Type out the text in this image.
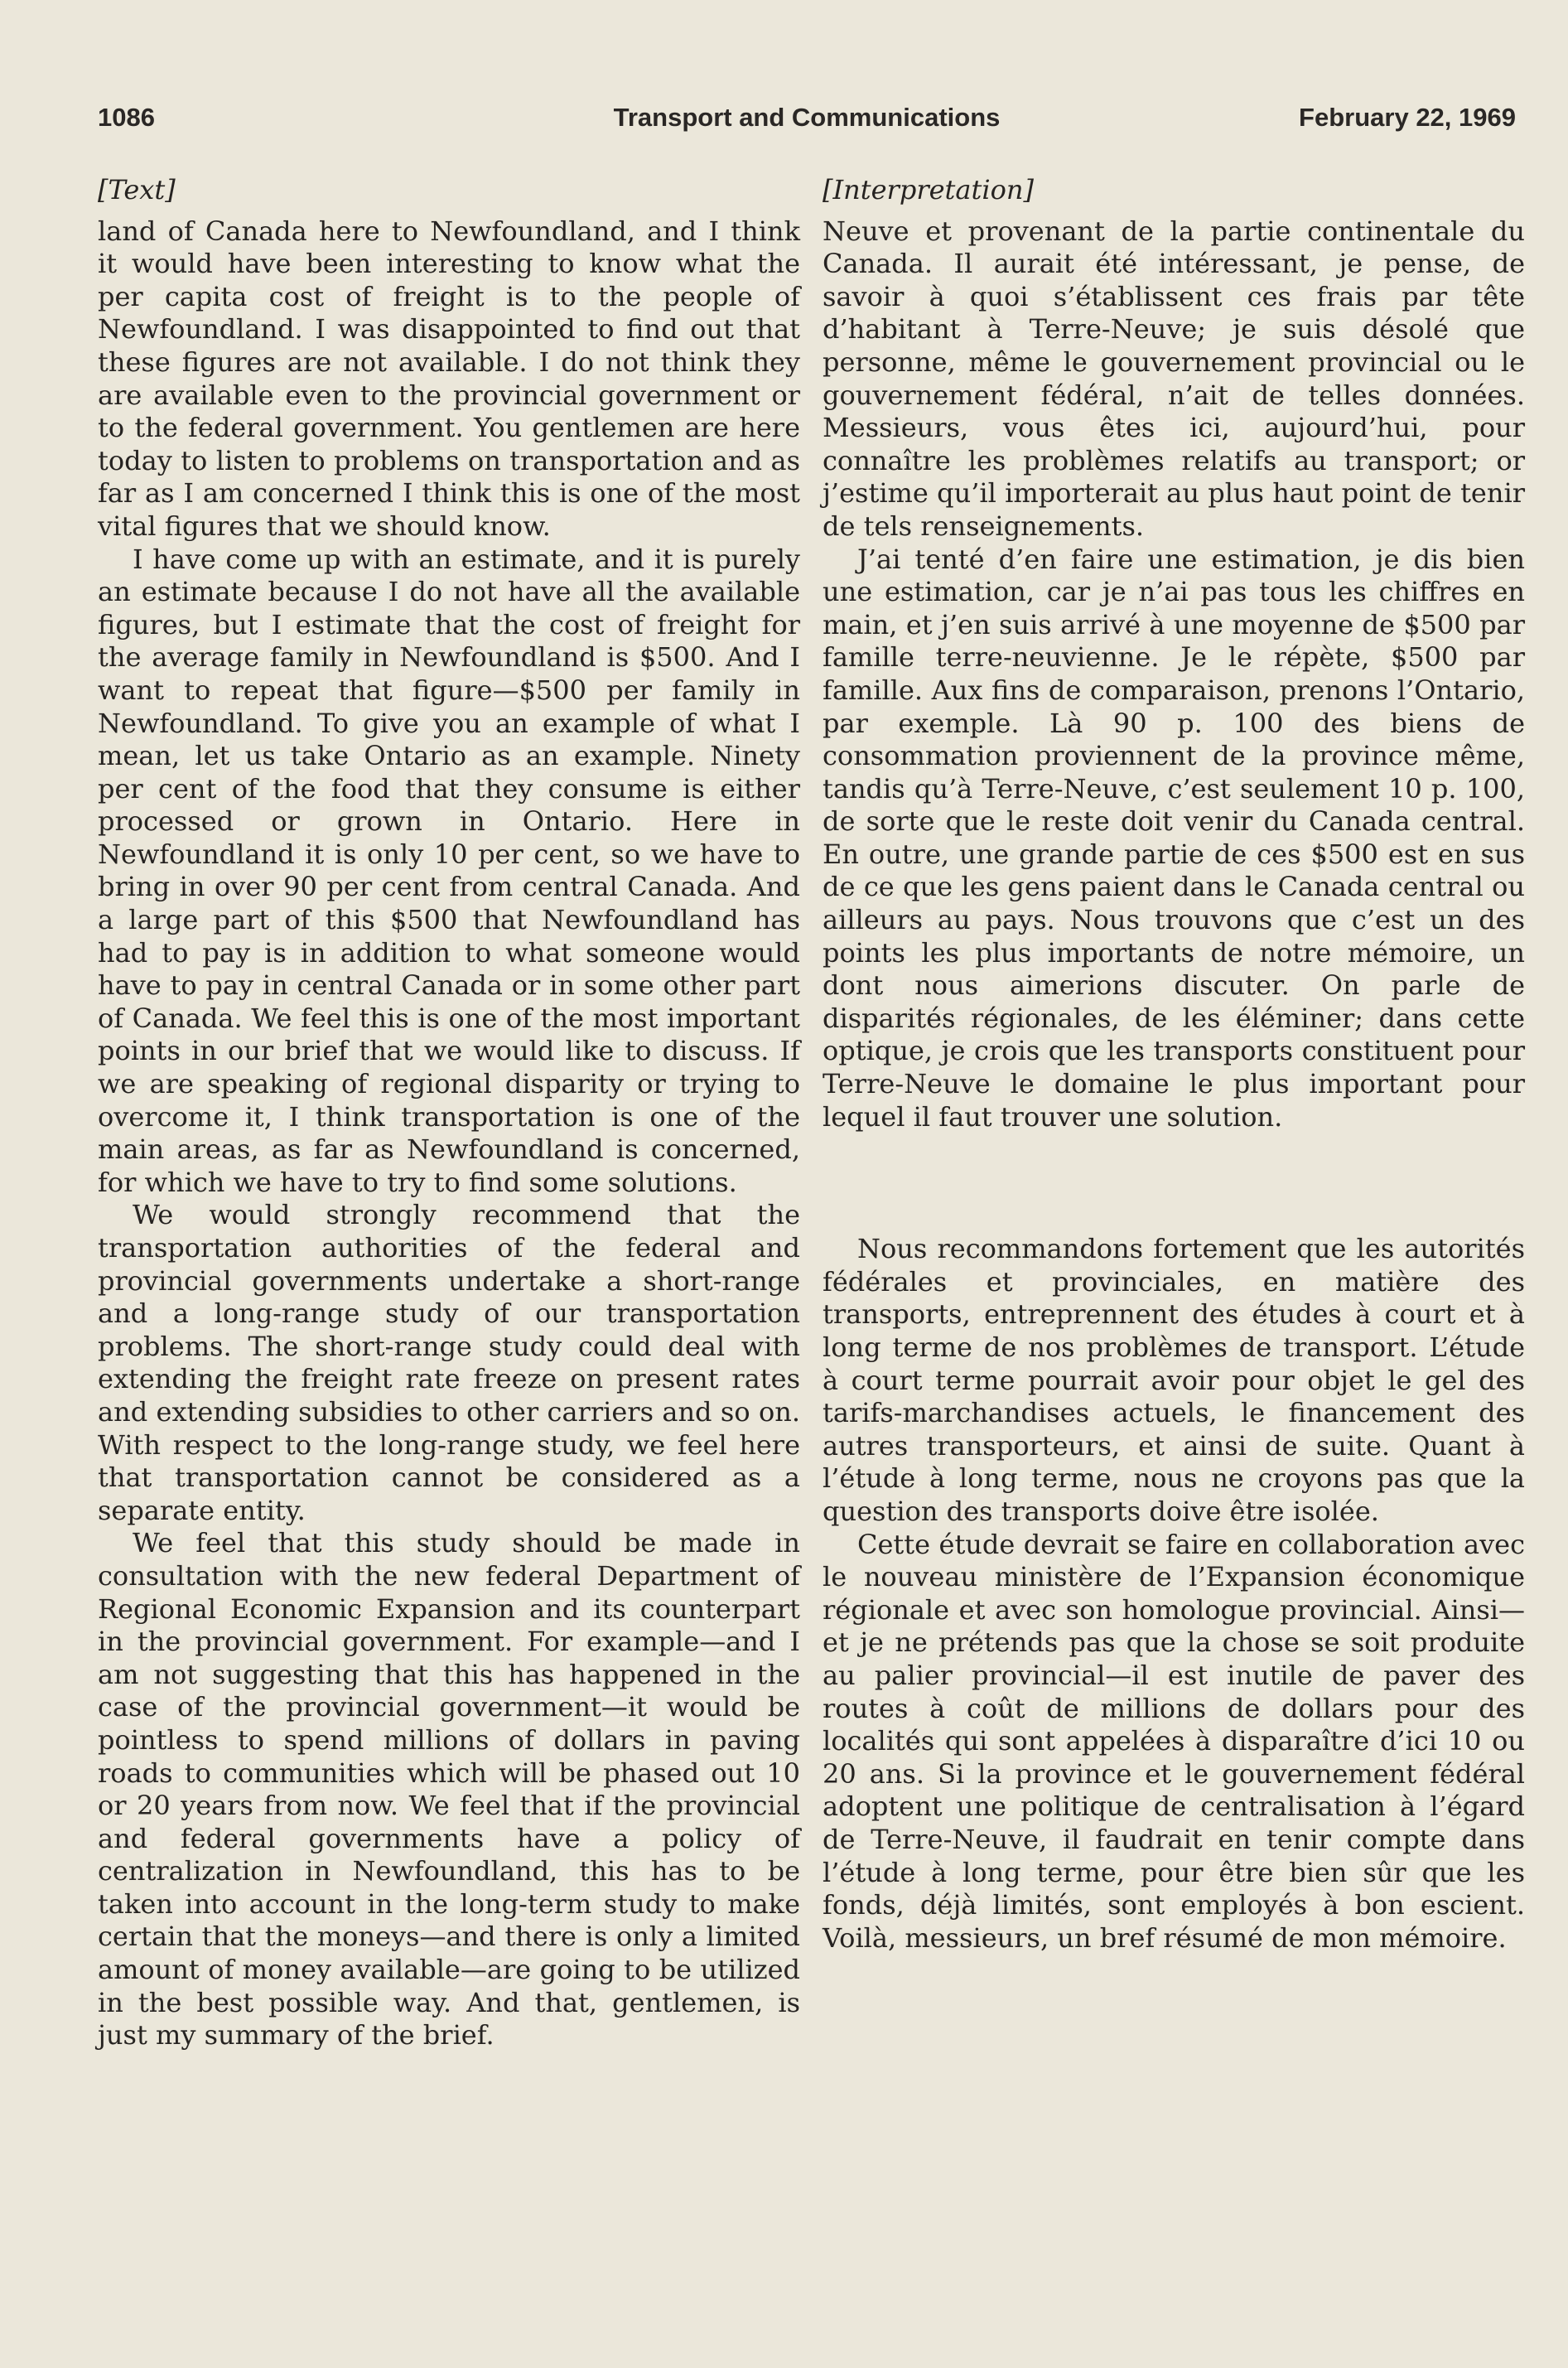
1086	Transport and Communications	February 22, 1969
[Text]

land of Canada here to Newfoundland, and I think it would have been interesting to know what the per capita cost of freight is to the people of Newfoundland. I was disappointed to find out that these figures are not available. I do not think they are available even to the provincial government or to the federal government. You gentlemen are here today to listen to problems on transportation and as far as I am concerned I think this is one of the most vital figures that we should know.

I have come up with an estimate, and it is purely an estimate because I do not have all the available figures, but I estimate that the cost of freight for the average family in Newfoundland is $500. And I want to repeat that figure—$500 per family in Newfoundland. To give you an example of what I mean, let us take Ontario as an example. Ninety per cent of the food that they consume is either processed or grown in Ontario. Here in Newfoundland it is only 10 per cent, so we have to bring in over 90 per cent from central Canada. And a large part of this $500 that Newfoundland has had to pay is in addition to what someone would have to pay in central Canada or in some other part of Canada. We feel this is one of the most important points in our brief that we would like to discuss. If we are speaking of regional disparity or trying to overcome it, I think transportation is one of the main areas, as far as Newfoundland is concerned, for which we have to try to find some solutions.

We would strongly recommend that the transportation authorities of the federal and provincial governments undertake a short-range and a long-range study of our transportation problems. The short-range study could deal with extending the freight rate freeze on present rates and extending subsidies to other carriers and so on. With respect to the long-range study, we feel here that transportation cannot be considered as a separate entity.

We feel that this study should be made in consultation with the new federal Department of Regional Economic Expansion and its counterpart in the provincial government. For example—and I am not suggesting that this has happened in the case of the provincial government—it would be pointless to spend millions of dollars in paving roads to communities which will be phased out 10 or 20 years from now. We feel that if the provincial and federal governments have a policy of centralization in Newfoundland, this has to be taken into account in the long-term study to make certain that the moneys—and there is only a limited amount of money available—are going to be utilized in the best possible way. And that, gentlemen, is just my summary of the brief.

[Interpretation]

Neuve et provenant de la partie continentale du Canada. Il aurait été intéressant, je pense, de savoir à quoi s’établissent ces frais par tête d’habitant à Terre-Neuve; je suis désolé que personne, même le gouvernement provincial ou le gouvernement fédéral, n’ait de telles données. Messieurs, vous êtes ici, aujourd’hui, pour connaître les problèmes relatifs au transport; or j’estime qu’il importerait au plus haut point de tenir de tels renseignements.

J’ai tenté d’en faire une estimation, je dis bien une estimation, car je n’ai pas tous les chiffres en main, et j’en suis arrivé à une moyenne de $500 par famille terre-neuvienne. Je le répète, $500 par famille. Aux fins de comparaison, prenons l’Ontario, par exemple. Là 90 p. 100 des biens de consommation proviennent de la province même, tandis qu’à Terre-Neuve, c’est seulement 10 p. 100, de sorte que le reste doit venir du Canada central. En outre, une grande partie de ces $500 est en sus de ce que les gens paient dans le Canada central ou ailleurs au pays. Nous trouvons que c’est un des points les plus importants de notre mémoire, un dont nous aimerions discuter. On parle de disparités régionales, de les éléminer; dans cette optique, je crois que les transports constituent pour Terre-Neuve le domaine le plus important pour lequel il faut trouver une solution.

Nous recommandons fortement que les autorités fédérales et provinciales, en matière des transports, entreprennent des études à court et à long terme de nos problèmes de transport. L’étude à court terme pourrait avoir pour objet le gel des tarifs-marchandises actuels, le financement des autres transporteurs, et ainsi de suite. Quant à l’étude à long terme, nous ne croyons pas que la question des transports doive être isolée.

Cette étude devrait se faire en collaboration avec le nouveau ministère de l’Expansion économique régionale et avec son homologue provincial. Ainsi—et je ne prétends pas que la chose se soit produite au palier provincial—il est inutile de paver des routes à coût de millions de dollars pour des localités qui sont appelées à disparaître d’ici 10 ou 20 ans. Si la province et le gouvernement fédéral adoptent une politique de centralisation à l’égard de Terre-Neuve, il faudrait en tenir compte dans l’étude à long terme, pour être bien sûr que les fonds, déjà limités, sont employés à bon escient. Voilà, messieurs, un bref résumé de mon mémoire.
